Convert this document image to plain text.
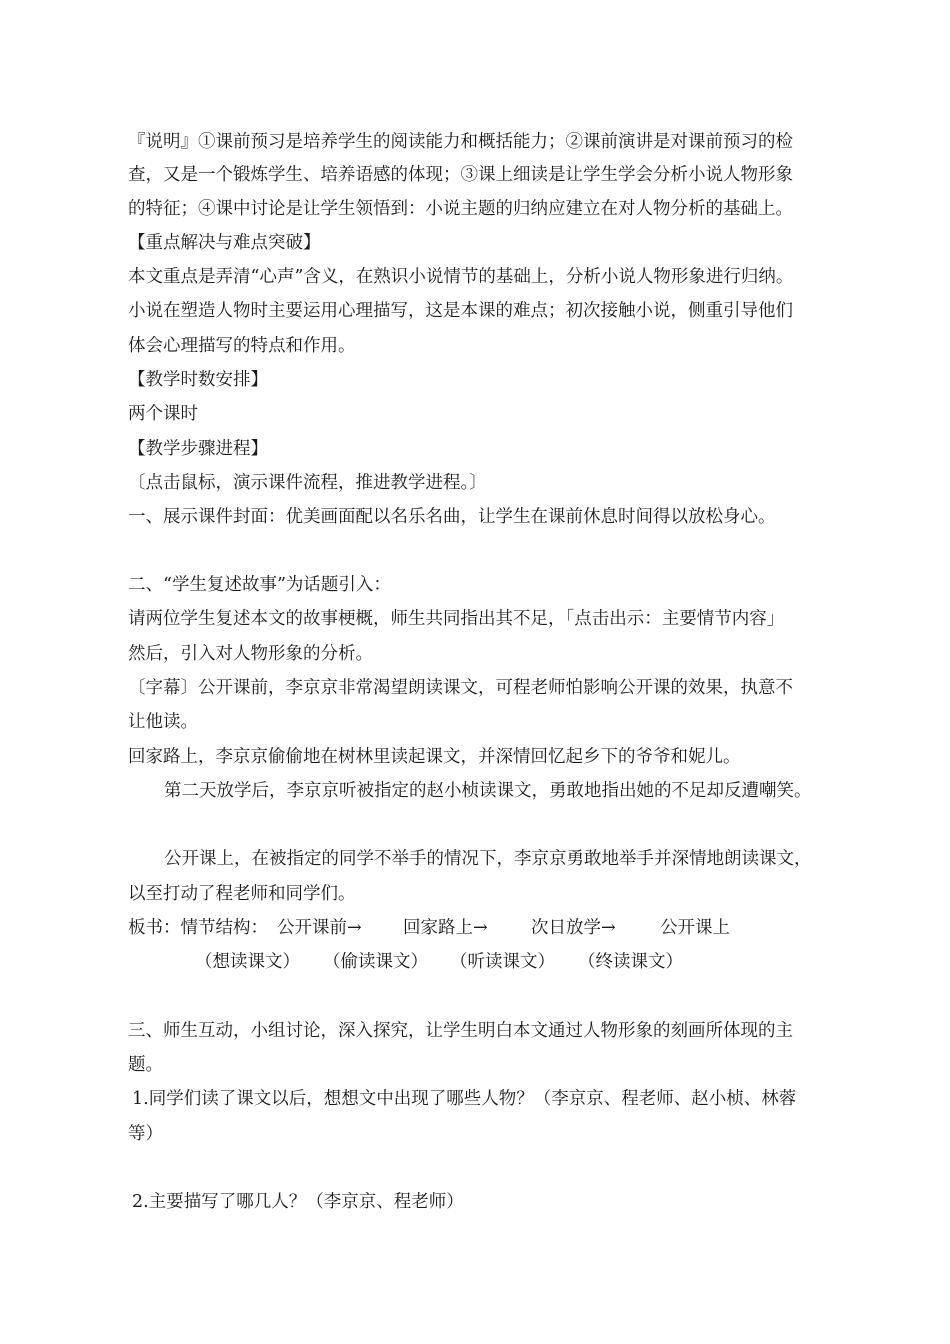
『说明』①课前预习是培养学生的阅读能力和概括能力；②课前演讲是对课前预习的检
查，又是一个锻炼学生、培养语感的体现；③课上细读是让学生学会分析小说人物形象
的特征；④课中讨论是让学生领悟到：小说主题的归纳应建立在对人物分析的基础上。
【重点解决与难点突破】
本文重点是弄清“心声”含义，在熟识小说情节的基础上，分析小说人物形象进行归纳。
小说在塑造人物时主要运用心理描写，这是本课的难点；初次接触小说，侧重引导他们
体会心理描写的特点和作用。
【教学时数安排】
两个课时
【教学步骤进程】
〔点击鼠标，演示课件流程，推进教学进程。〕
一、展示课件封面：优美画面配以名乐名曲，让学生在课前休息时间得以放松身心。
二、“学生复述故事”为话题引入：
请两位学生复述本文的故事梗概，师生共同指出其不足，「点击出示：主要情节内容」
然后，引入对人物形象的分析。
〔字幕〕公开课前，李京京非常渴望朗读课文，可程老师怕影响公开课的效果，执意不
让他读。
回家路上，李京京偷偷地在树林里读起课文，并深情回忆起乡下的爷爷和妮儿。
第二天放学后，李京京听被指定的赵小桢读课文，勇敢地指出她的不足却反遭嘲笑。
公开课上，在被指定的同学不举手的情况下，李京京勇敢地举手并深情地朗读课文，
以至打动了程老师和同学们。
板书：情节结构： 公开课前→ 回家路上→ 次日放学→	公开课上
（想读课文） （偷读课文） （听读课文） （终读课文）
三、师生互动，小组讨论，深入探究，让学生明白本文通过人物形象的刻画所体现的主
题。
1.同学们读了课文以后，想想文中出现了哪些人物？（李京京、程老师、赵小桢、林蓉
等）
2.主要描写了哪几人？（李京京、程老师）
